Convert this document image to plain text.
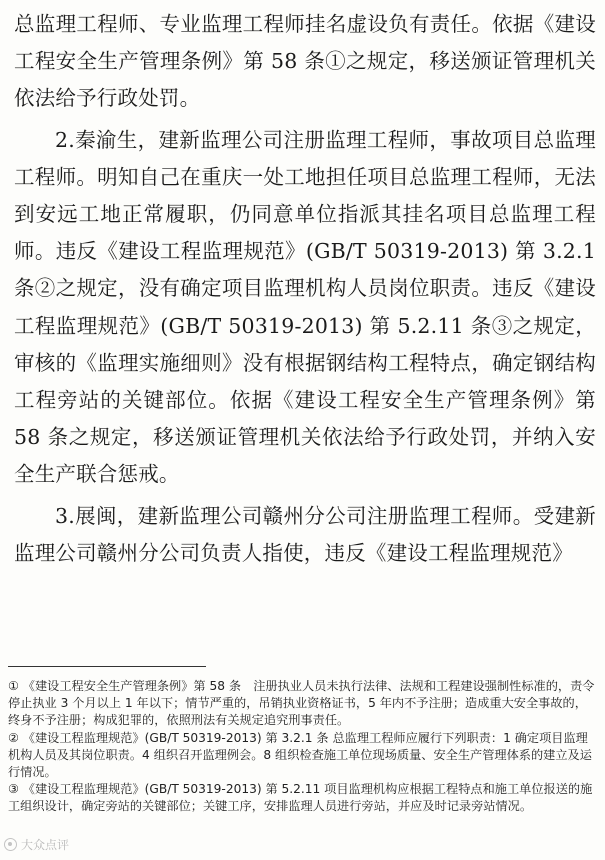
总监理工程师、专业监理工程师挂名虚设负有责任。依据《建设工程安全生产管理条例》第 58 条①之规定，移送颁证管理机关依法给予行政处罚。

2.秦渝生，建新监理公司注册监理工程师，事故项目总监理工程师。明知自己在重庆一处工地担任项目总监理工程师，无法到安远工地正常履职，仍同意单位指派其挂名项目总监理工程师。违反《建设工程监理规范》(GB/T 50319-2013) 第 3.2.1 条②之规定，没有确定项目监理机构人员岗位职责。违反《建设工程监理规范》(GB/T 50319-2013) 第 5.2.11 条③之规定，审核的《监理实施细则》没有根据钢结构工程特点，确定钢结构工程旁站的关键部位。依据《建设工程安全生产管理条例》第 58 条之规定，移送颁证管理机关依法给予行政处罚，并纳入安全生产联合惩戒。

3.展闽，建新监理公司赣州分公司注册监理工程师。受建新监理公司赣州分公司负责人指使，违反《建设工程监理规范》

① 《建设工程安全生产管理条例》第 58 条　注册执业人员未执行法律、法规和工程建设强制性标准的，责令停止执业 3 个月以上 1 年以下；情节严重的，吊销执业资格证书，5 年内不予注册；造成重大安全事故的，终身不予注册；构成犯罪的，依照刑法有关规定追究刑事责任。

② 《建设工程监理规范》(GB/T 50319-2013) 第 3.2.1 条 总监理工程师应履行下列职责：1 确定项目监理机构人员及其岗位职责。4 组织召开监理例会。8 组织检查施工单位现场质量、安全生产管理体系的建立及运行情况。

③ 《建设工程监理规范》(GB/T 50319-2013) 第 5.2.11 项目监理机构应根据工程特点和施工单位报送的施工组织设计，确定旁站的关键部位；关键工序，安排监理人员进行旁站，并应及时记录旁站情况。

大众点评
